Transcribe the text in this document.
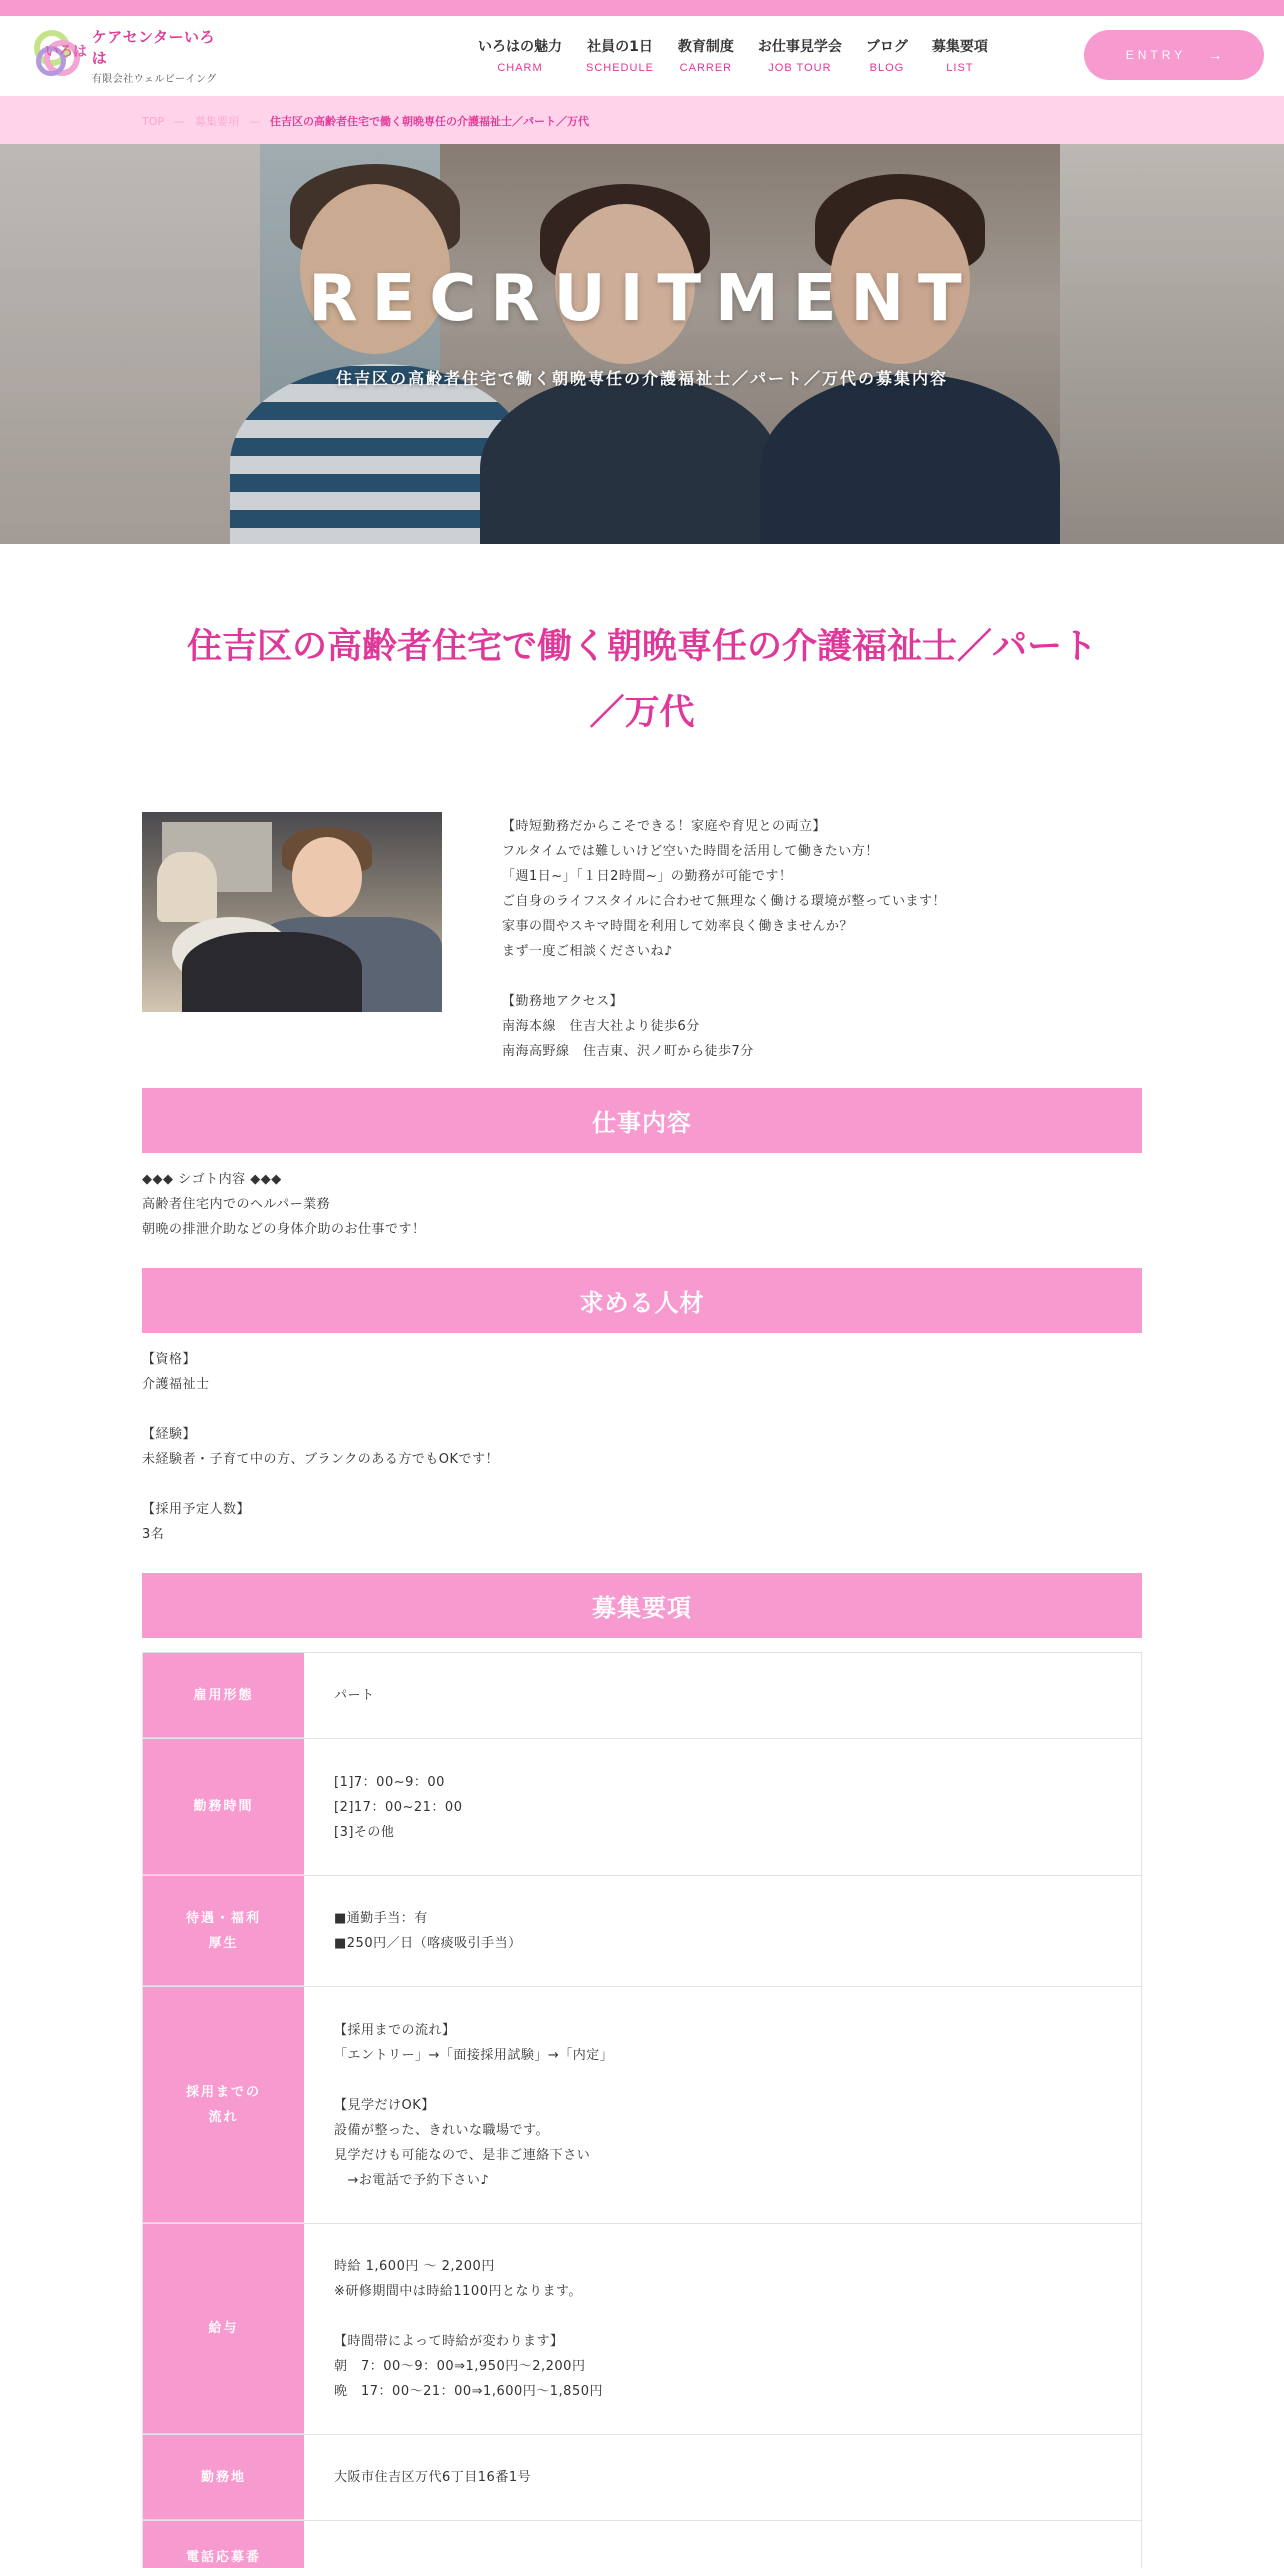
いろは
ケアセンターいろは
有限会社ウェルビーイング
いろはの魅力
CHARM
社員の1日
SCHEDULE
教育制度
CARRER
お仕事見学会
JOB TOUR
ブログ
BLOG
募集要項
LIST
ENTRY →
TOP — 募集要項 — 住吉区の高齢者住宅で働く朝晩専任の介護福祉士／パート／万代
RECRUITMENT
住吉区の高齢者住宅で働く朝晩専任の介護福祉士／パート／万代の募集内容
住吉区の高齢者住宅で働く朝晩専任の介護福祉士／パート
／万代
【時短勤務だからこそできる！家庭や育児との両立】
フルタイムでは難しいけど空いた時間を活用して働きたい方！
「週1日~」「１日2時間~」の勤務が可能です！
ご自身のライフスタイルに合わせて無理なく働ける環境が整っています！
家事の間やスキマ時間を利用して効率良く働きませんか？
まず一度ご相談くださいね♪
【勤務地アクセス】
南海本線　住吉大社より徒歩6分
南海高野線　住吉東、沢ノ町から徒歩7分
仕事内容
◆◆◆ シゴト内容 ◆◆◆
高齢者住宅内でのヘルパー業務
朝晩の排泄介助などの身体介助のお仕事です！
求める人材
【資格】
介護福祉士
【経験】
未経験者・子育て中の方、ブランクのある方でもOKです！
【採用予定人数】
3名
募集要項
雇用形態	パート
勤務時間
[1]7：00~9：00
[2]17：00~21：00
[3]その他
待遇・福利
厚生
■通勤手当：有
■250円／日（喀痰吸引手当）
採用までの
流れ
【採用までの流れ】
「エントリー」→「面接採用試験」→「内定」
【見学だけOK】
設備が整った、きれいな職場です。
見学だけも可能なので、是非ご連絡下さい
　→お電話で予約下さい♪
給与
時給 1,600円 ～ 2,200円
※研修期間中は時給1100円となります。
【時間帯によって時給が変わります】
朝　7：00～9：00⇒1,950円～2,200円
晩　17：00～21：00⇒1,600円～1,850円
勤務地	大阪市住吉区万代6丁目16番1号
電話応募番
